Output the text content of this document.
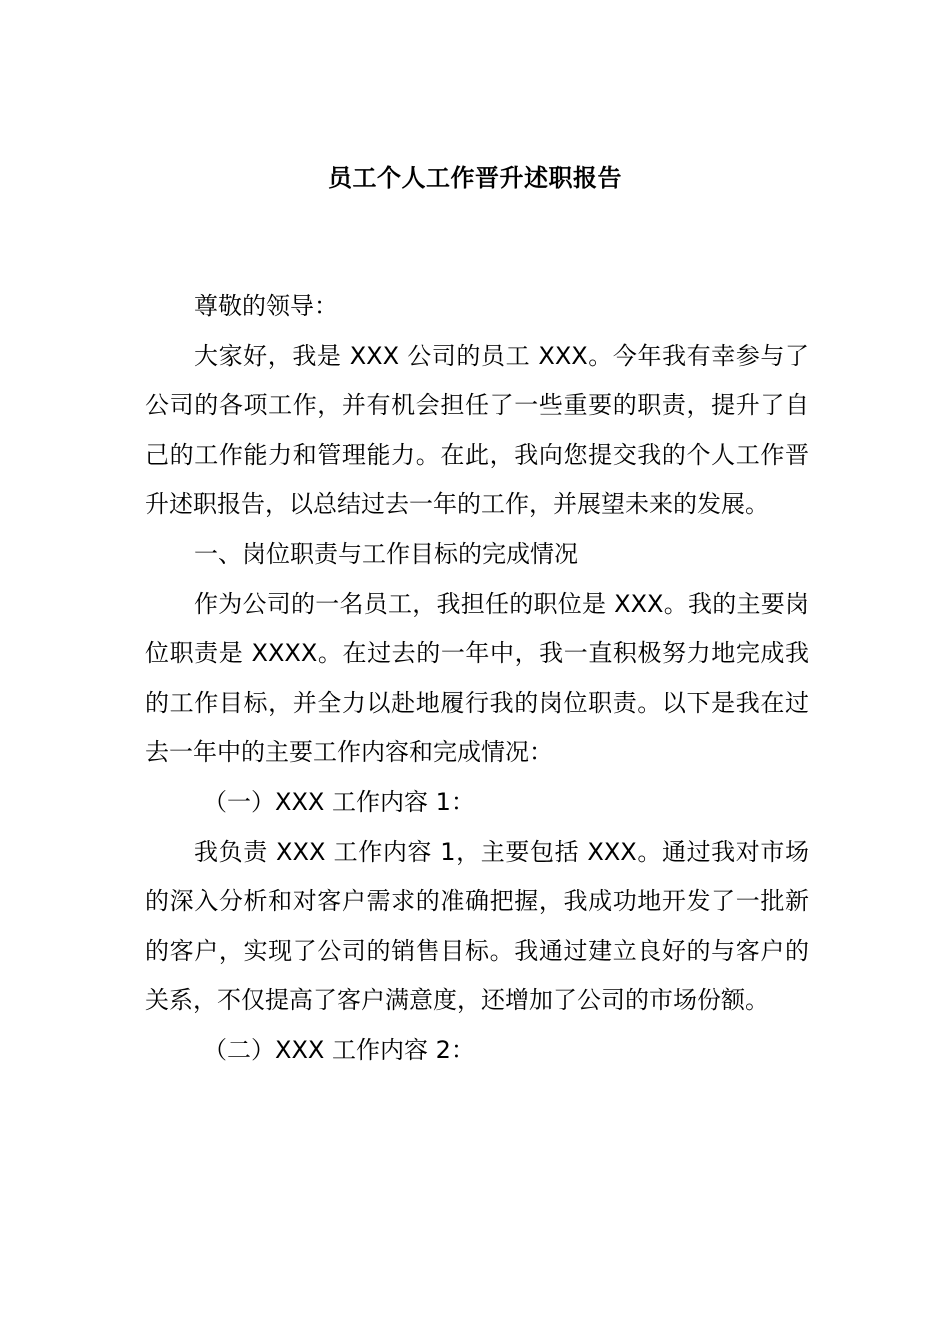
员工个人工作晋升述职报告

尊敬的领导：

大家好，我是 XXX 公司的员工 XXX。今年我有幸参与了公司的各项工作，并有机会担任了一些重要的职责，提升了自己的工作能力和管理能力。在此，我向您提交我的个人工作晋升述职报告，以总结过去一年的工作，并展望未来的发展。

一、岗位职责与工作目标的完成情况

作为公司的一名员工，我担任的职位是 XXX。我的主要岗位职责是 XXXX。在过去的一年中，我一直积极努力地完成我的工作目标，并全力以赴地履行我的岗位职责。以下是我在过去一年中的主要工作内容和完成情况：

（一）XXX 工作内容 1：

我负责 XXX 工作内容 1，主要包括 XXX。通过我对市场的深入分析和对客户需求的准确把握，我成功地开发了一批新的客户，实现了公司的销售目标。我通过建立良好的与客户的关系，不仅提高了客户满意度，还增加了公司的市场份额。

（二）XXX 工作内容 2：
